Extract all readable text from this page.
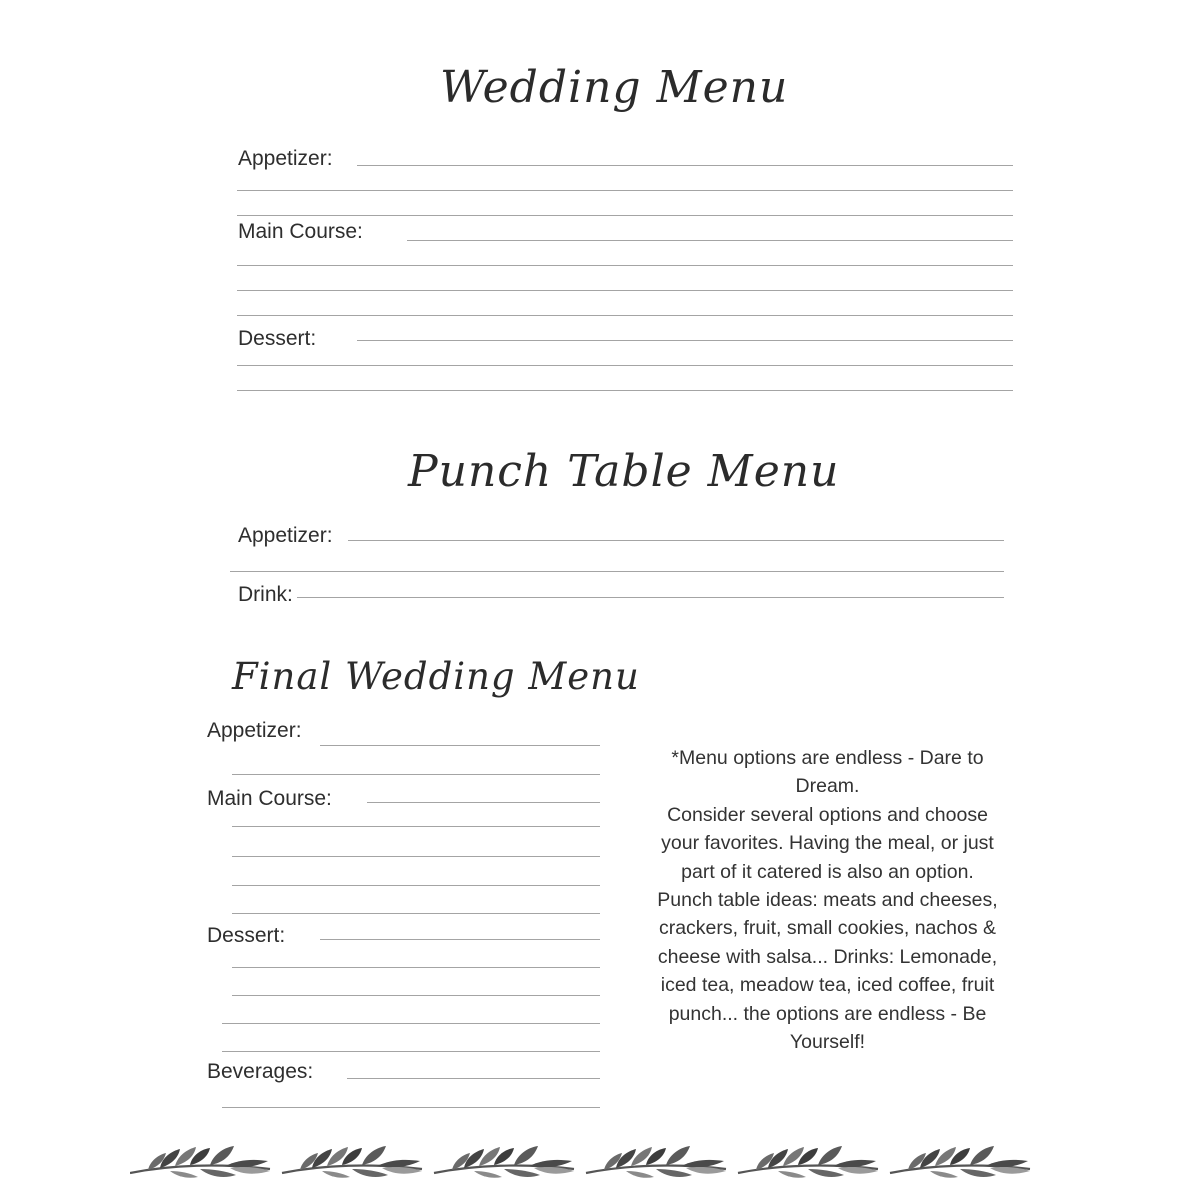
Wedding Menu
Appetizer:
Main Course:
Dessert:
Punch Table Menu
Appetizer:
Drink:
Final Wedding Menu
Appetizer:
Main Course:
Dessert:
Beverages:

*Menu options are endless - Dare to Dream.

Consider several options and choose your favorites. Having the meal, or just part of it catered is also an option. Punch table ideas: meats and cheeses, crackers, fruit, small cookies, nachos & cheese with salsa... Drinks: Lemonade, iced tea, meadow tea, iced coffee, fruit punch... the options are endless - Be Yourself!
